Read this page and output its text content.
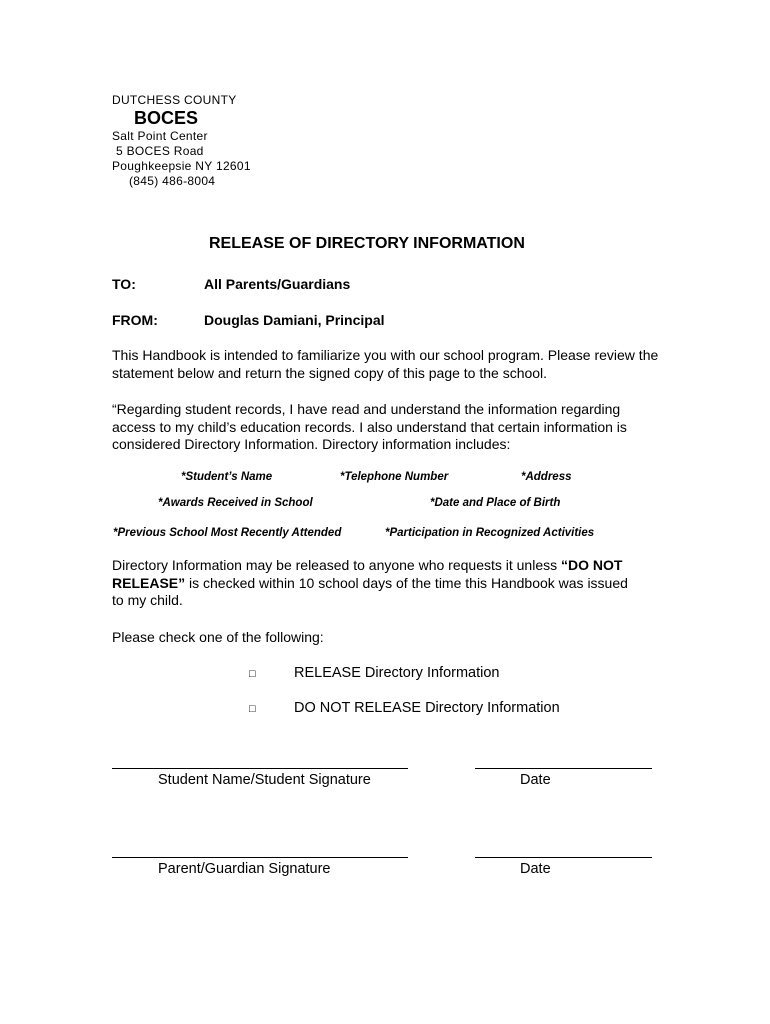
DUTCHESS COUNTY
BOCES
Salt Point Center
5 BOCES Road
Poughkeepsie NY 12601
(845) 486-8004
RELEASE OF DIRECTORY INFORMATION
TO:	All Parents/Guardians
FROM:	Douglas Damiani, Principal
This Handbook is intended to familiarize you with our school program. Please review the statement below and return the signed copy of this page to the school.
“Regarding student records, I have read and understand the information regarding access to my child’s education records. I also understand that certain information is considered Directory Information. Directory information includes:
*Student’s Name	*Telephone Number	*Address
*Awards Received in School	*Date and Place of Birth
*Previous School Most Recently Attended	*Participation in Recognized Activities
Directory Information may be released to anyone who requests it unless “DO NOT RELEASE” is checked within 10 school days of the time this Handbook was issued to my child.
Please check one of the following:
□	RELEASE Directory Information
□	DO NOT RELEASE Directory Information
Student Name/Student Signature	Date
Parent/Guardian Signature	Date
